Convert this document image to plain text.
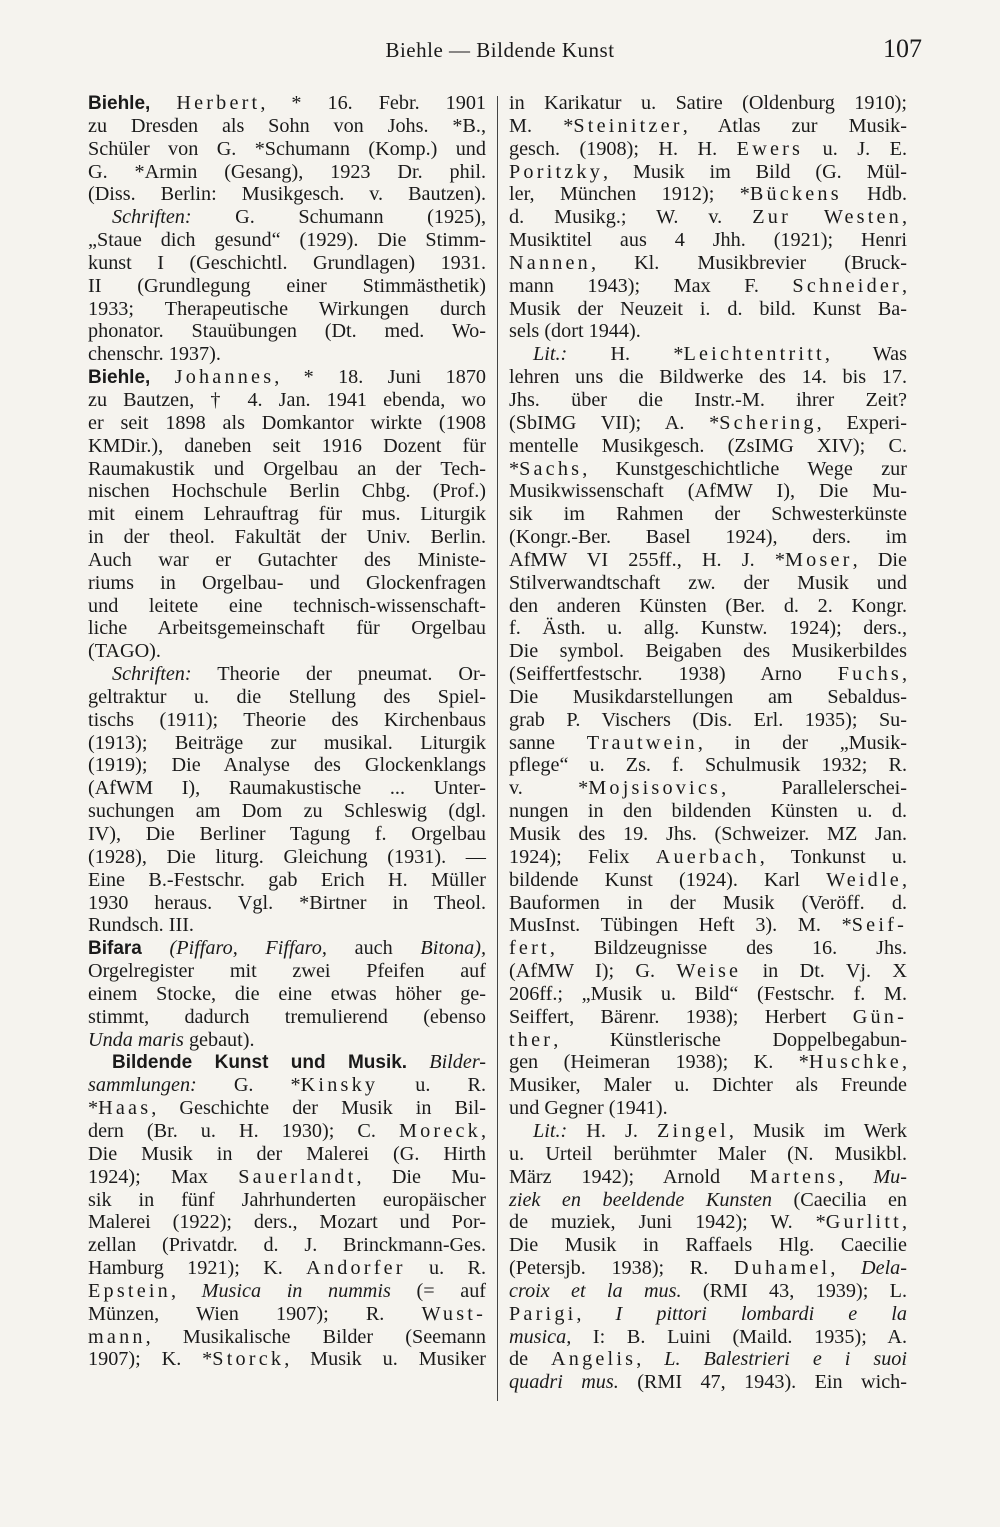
Biehle — Bildende Kunst	107
Biehle, Herbert, * 16. Febr. 1901
zu Dresden als Sohn von Johs. *B.,
Schüler von G. *Schumann (Komp.) und
G. *Armin (Gesang), 1923 Dr. phil.
(Diss. Berlin: Musikgesch. v. Bautzen).
Schriften: G. Schumann (1925),
„Staue dich gesund“ (1929). Die Stimm-
kunst I (Geschichtl. Grundlagen) 1931.
II (Grundlegung einer Stimmästhetik)
1933; Therapeutische Wirkungen durch
phonator. Stauübungen (Dt. med. Wo-
chenschr. 1937).
Biehle, Johannes, * 18. Juni 1870
zu Bautzen, † 4. Jan. 1941 ebenda, wo
er seit 1898 als Domkantor wirkte (1908
KMDir.), daneben seit 1916 Dozent für
Raumakustik und Orgelbau an der Tech-
nischen Hochschule Berlin Chbg. (Prof.)
mit einem Lehrauftrag für mus. Liturgik
in der theol. Fakultät der Univ. Berlin.
Auch war er Gutachter des Ministe-
riums in Orgelbau- und Glockenfragen
und leitete eine technisch-wissenschaft-
liche Arbeitsgemeinschaft für Orgelbau
(TAGO).
Schriften: Theorie der pneumat. Or-
geltraktur u. die Stellung des Spiel-
tischs (1911); Theorie des Kirchenbaus
(1913); Beiträge zur musikal. Liturgik
(1919); Die Analyse des Glockenklangs
(AfWM I), Raumakustische ... Unter-
suchungen am Dom zu Schleswig (dgl.
IV), Die Berliner Tagung f. Orgelbau
(1928), Die liturg. Gleichung (1931). —
Eine B.-Festschr. gab Erich H. Müller
1930 heraus. Vgl. *Birtner in Theol.
Rundsch. III.
Bifara (Piffaro, Fiffaro, auch Bitona),
Orgelregister mit zwei Pfeifen auf
einem Stocke, die eine etwas höher ge-
stimmt, dadurch tremulierend (ebenso
Unda maris gebaut).
Bildende Kunst und Musik. Bilder-
sammlungen: G. *Kinsky u. R.
*Haas, Geschichte der Musik in Bil-
dern (Br. u. H. 1930); C. Moreck,
Die Musik in der Malerei (G. Hirth
1924); Max Sauerlandt, Die Mu-
sik in fünf Jahrhunderten europäischer
Malerei (1922); ders., Mozart und Por-
zellan (Privatdr. d. J. Brinckmann-Ges.
Hamburg 1921); K. Andorfer u. R.
Epstein, Musica in nummis (= auf
Münzen, Wien 1907); R. Wust-
mann, Musikalische Bilder (Seemann
1907); K. *Storck, Musik u. Musiker
in Karikatur u. Satire (Oldenburg 1910);
M. *Steinitzer, Atlas zur Musik-
gesch. (1908); H. H. Ewers u. J. E.
Poritzky, Musik im Bild (G. Mül-
ler, München 1912); *Bückens Hdb.
d. Musikg.; W. v. Zur Westen,
Musiktitel aus 4 Jhh. (1921); Henri
Nannen, Kl. Musikbrevier (Bruck-
mann 1943); Max F. Schneider,
Musik der Neuzeit i. d. bild. Kunst Ba-
sels (dort 1944).
Lit.: H. *Leichtentritt, Was
lehren uns die Bildwerke des 14. bis 17.
Jhs. über die Instr.-M. ihrer Zeit?
(SbIMG VII); A. *Schering, Experi-
mentelle Musikgesch. (ZsIMG XIV); C.
*Sachs, Kunstgeschichtliche Wege zur
Musikwissenschaft (AfMW I), Die Mu-
sik im Rahmen der Schwesterkünste
(Kongr.-Ber. Basel 1924), ders. im
AfMW VI 255ff., H. J. *Moser, Die
Stilverwandtschaft zw. der Musik und
den anderen Künsten (Ber. d. 2. Kongr.
f. Ästh. u. allg. Kunstw. 1924); ders.,
Die symbol. Beigaben des Musikerbildes
(Seiffertfestschr. 1938) Arno Fuchs,
Die Musikdarstellungen am Sebaldus-
grab P. Vischers (Dis. Erl. 1935); Su-
sanne Trautwein, in der „Musik-
pflege“ u. Zs. f. Schulmusik 1932; R.
v. *Mojsisovics, Parallelerschei-
nungen in den bildenden Künsten u. d.
Musik des 19. Jhs. (Schweizer. MZ Jan.
1924); Felix Auerbach, Tonkunst u.
bildende Kunst (1924). Karl Weidle,
Bauformen in der Musik (Veröff. d.
MusInst. Tübingen Heft 3). M. *Seif-
fert, Bildzeugnisse des 16. Jhs.
(AfMW I); G. Weise in Dt. Vj. X
206ff.; „Musik u. Bild“ (Festschr. f. M.
Seiffert, Bärenr. 1938); Herbert Gün-
ther, Künstlerische Doppelbegabun-
gen (Heimeran 1938); K. *Huschke,
Musiker, Maler u. Dichter als Freunde
und Gegner (1941).
Lit.: H. J. Zingel, Musik im Werk
u. Urteil berühmter Maler (N. Musikbl.
März 1942); Arnold Martens, Mu-
ziek en beeldende Kunsten (Caecilia en
de muziek, Juni 1942); W. *Gurlitt,
Die Musik in Raffaels Hlg. Caecilie
(Petersjb. 1938); R. Duhamel, Dela-
croix et la mus. (RMI 43, 1939); L.
Parigi, I pittori lombardi e la
musica, I: B. Luini (Maild. 1935); A.
de Angelis, L. Balestrieri e i suoi
quadri mus. (RMI 47, 1943). Ein wich-
